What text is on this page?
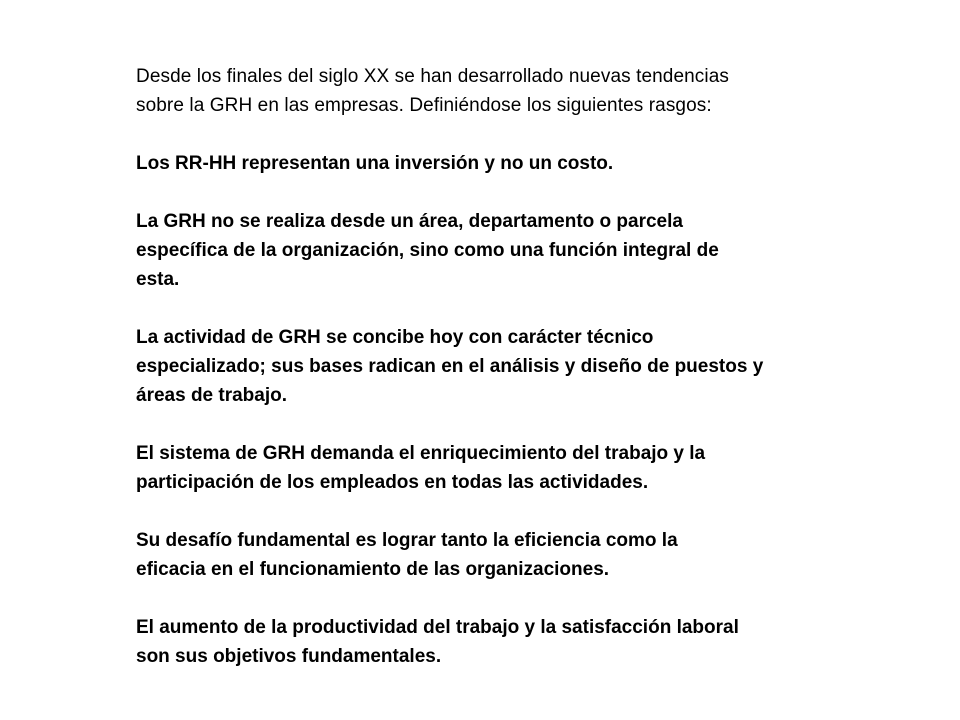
Desde los finales del siglo XX se han desarrollado nuevas tendencias
sobre la GRH en las empresas. Definiéndose los siguientes rasgos:

Los RR-HH representan una inversión y no un costo.

La GRH no se realiza desde un área, departamento o parcela
específica de la organización, sino como una función integral de
esta.

La actividad de GRH se concibe hoy con carácter técnico
especializado; sus bases radican en el análisis y diseño de puestos y
áreas de trabajo.

El sistema de GRH demanda el enriquecimiento del trabajo y la
participación de los empleados en todas las actividades.

Su desafío fundamental es lograr tanto la eficiencia como la
eficacia en el funcionamiento de las organizaciones.

El aumento de la productividad del trabajo y la satisfacción laboral
son sus objetivos fundamentales.
